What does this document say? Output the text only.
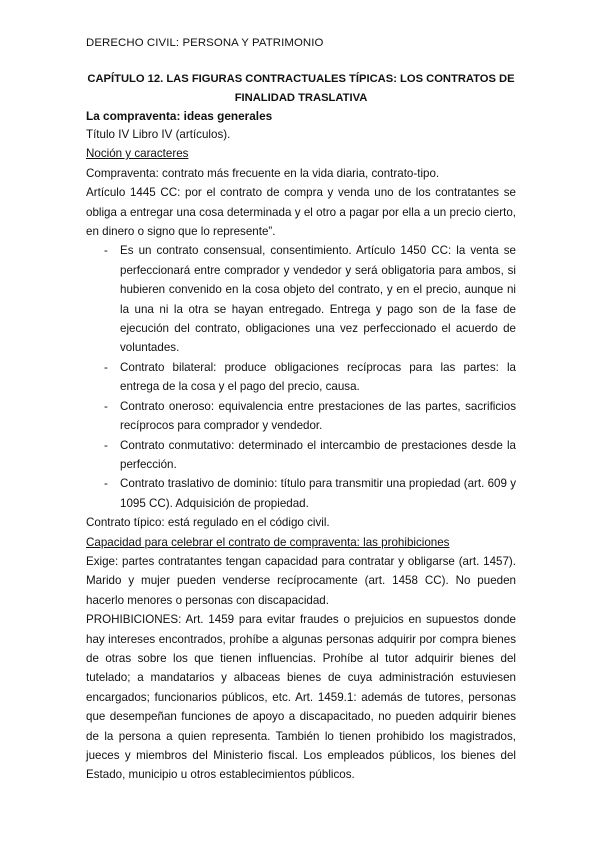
DERECHO CIVIL: PERSONA Y PATRIMONIO
CAPÍTULO 12. LAS FIGURAS CONTRACTUALES TÍPICAS: LOS CONTRATOS DE
FINALIDAD TRASLATIVA

La compraventa: ideas generales

Título IV Libro IV (artículos).

Noción y caracteres

Compraventa: contrato más frecuente en la vida diaria, contrato-tipo.

Artículo 1445 CC: por el contrato de compra y venda uno de los contratantes se obliga a entregar una cosa determinada y el otro a pagar por ella a un precio cierto, en dinero o signo que lo represente”.

- Es un contrato consensual, consentimiento. Artículo 1450 CC: la venta se perfeccionará entre comprador y vendedor y será obligatoria para ambos, si hubieren convenido en la cosa objeto del contrato, y en el precio, aunque ni la una ni la otra se hayan entregado. Entrega y pago son de la fase de ejecución del contrato, obligaciones una vez perfeccionado el acuerdo de voluntades.
- Contrato bilateral: produce obligaciones recíprocas para las partes: la entrega de la cosa y el pago del precio, causa.
- Contrato oneroso: equivalencia entre prestaciones de las partes, sacrificios recíprocos para comprador y vendedor.
- Contrato conmutativo: determinado el intercambio de prestaciones desde la perfección.
- Contrato traslativo de dominio: título para transmitir una propiedad (art. 609 y 1095 CC). Adquisición de propiedad.

Contrato típico: está regulado en el código civil.

Capacidad para celebrar el contrato de compraventa: las prohibiciones

Exige: partes contratantes tengan capacidad para contratar y obligarse (art. 1457). Marido y mujer pueden venderse recíprocamente (art. 1458 CC). No pueden hacerlo menores o personas con discapacidad.

PROHIBICIONES: Art. 1459 para evitar fraudes o prejuicios en supuestos donde hay intereses encontrados, prohíbe a algunas personas adquirir por compra bienes de otras sobre los que tienen influencias. Prohíbe al tutor adquirir bienes del tutelado; a mandatarios y albaceas bienes de cuya administración estuviesen encargados; funcionarios públicos, etc. Art. 1459.1: además de tutores, personas que desempeñan funciones de apoyo a discapacitado, no pueden adquirir bienes de la persona a quien representa. También lo tienen prohibido los magistrados, jueces y miembros del Ministerio fiscal. Los empleados públicos, los bienes del Estado, municipio u otros establecimientos públicos.
